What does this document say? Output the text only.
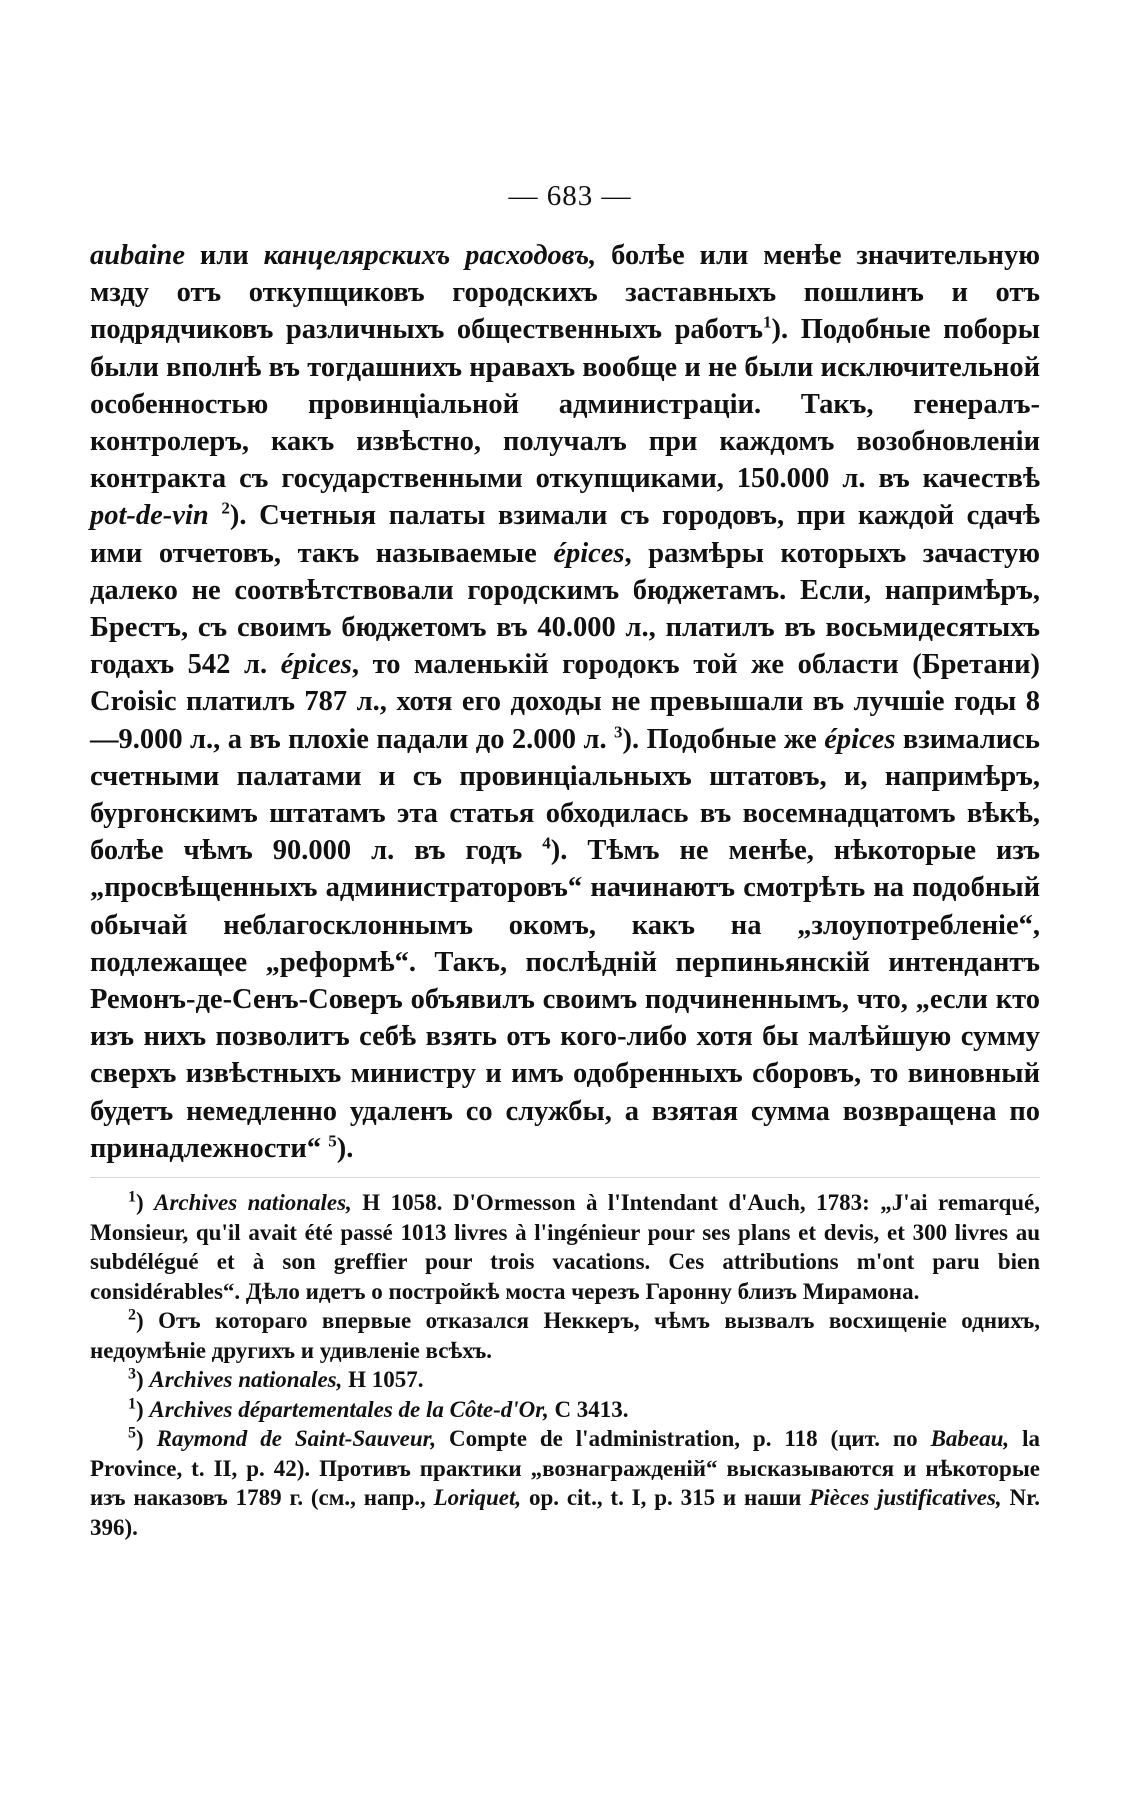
— 683 —

aubaine или канцелярскихъ расходовъ, болѣе или менѣе значительную мзду отъ откупщиковъ городскихъ заставныхъ пошлинъ и отъ подрядчиковъ различныхъ общественныхъ работъ$^1$). Подобные поборы были вполнѣ въ тогдашнихъ нравахъ вообще и не были исключительной особенностью провинціальной администраціи. Такъ, генералъ-контролеръ, какъ извѣстно, получалъ при каждомъ возобновленіи контракта съ государственными откупщиками, 150.000 л. въ качествѣ pot-de-vin $^2$). Счетныя палаты взимали съ городовъ, при каждой сдачѣ ими отчетовъ, такъ называемые épices, размѣры которыхъ зачастую далеко не соотвѣтствовали городскимъ бюджетамъ. Если, напримѣръ, Брестъ, съ своимъ бюджетомъ въ 40.000 л., платилъ въ восьмидесятыхъ годахъ 542 л. épices, то маленькій городокъ той же области (Бретани) Croisic платилъ 787 л., хотя его доходы не превышали въ лучшіе годы 8—9.000 л., а въ плохіе падали до 2.000 л. $^3$). Подобные же épices взимались счетными палатами и съ провинціальныхъ штатовъ, и, напримѣръ, бургонскимъ штатамъ эта статья обходилась въ восемнадцатомъ вѣкѣ, болѣе чѣмъ 90.000 л. въ годъ $^4$). Тѣмъ не менѣе, нѣкоторые изъ „просвѣщенныхъ администраторовъ“ начинаютъ смотрѣть на подобный обычай неблагосклоннымъ окомъ, какъ на „злоупотребленіе“, подлежащее „реформѣ“. Такъ, послѣдній перпиньянскій интендантъ Ремонъ-де-Сенъ-Соверъ объявилъ своимъ подчиненнымъ, что, „если кто изъ нихъ позволитъ себѣ взять отъ кого-либо хотя бы малѣйшую сумму сверхъ извѣстныхъ министру и имъ одобренныхъ сборовъ, то виновный будетъ немедленно удаленъ со службы, а взятая сумма возвращена по принадлежности“ $^5$).

$^1$) Archives nationales, H 1058. D'Ormesson à l'Intendant d'Auch, 1783: „J'ai remarqué, Monsieur, qu'il avait été passé 1013 livres à l'ingénieur pour ses plans et devis, et 300 livres au subdélégué et à son greffier pour trois vacations. Ces attributions m'ont paru bien considérables“. Дѣло идетъ о постройкѣ моста черезъ Гаронну близъ Мирамона.

$^2$) Отъ котораго впервые отказался Неккеръ, чѣмъ вызвалъ восхищеніе однихъ, недоумѣніе другихъ и удивленіе всѣхъ.

$^3$) Archives nationales, H 1057.

$^1$) Archives départementales de la Côte-d'Or, C 3413.

$^5$) Raymond de Saint-Sauveur, Compte de l'administration, p. 118 (цит. по Babeau, la Province, t. II, p. 42). Противъ практики „вознагражденій“ высказываются и нѣкоторые изъ наказовъ 1789 г. (см., напр., Loriquet, op. cit., t. I, p. 315 и наши Pièces justificatives, Nr. 396).
